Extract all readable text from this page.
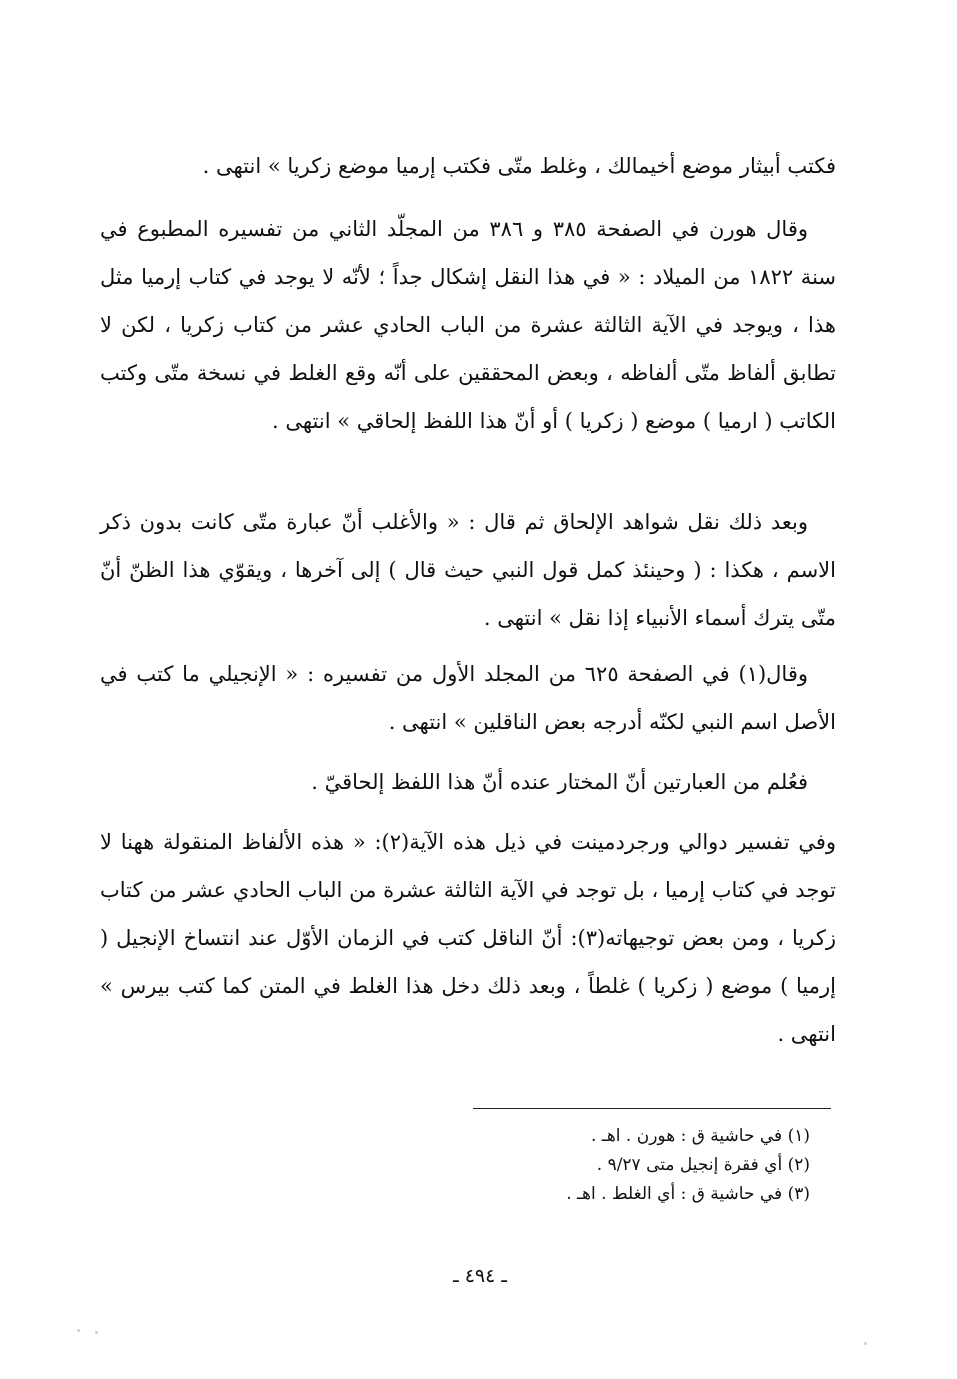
فكتب أبيثار موضع أخيمالك ، وغلط متّى فكتب إرميا موضع زكريا » انتهى .

وقال هورن في الصفحة ٣٨٥ و ٣٨٦ من المجلّد الثاني من تفسيره المطبوع في سنة ١٨٢٢ من الميلاد : « في هذا النقل إشكال جداً ؛ لأنّه لا يوجد في كتاب إرميا مثل هذا ، ويوجد في الآية الثالثة عشرة من الباب الحادي عشر من كتاب زكريا ، لكن لا تطابق ألفاظ متّى ألفاظه ، وبعض المحققين على أنّه وقع الغلط في نسخة متّى وكتب الكاتب ( ارميا ) موضع ( زكريا ) أو أنّ هذا اللفظ إلحاقي » انتهى .

وبعد ذلك نقل شواهد الإلحاق ثم قال : « والأغلب أنّ عبارة متّى كانت بدون ذكر الاسم ، هكذا : ( وحينئذ كمل قول النبي حيث قال ) إلى آخرها ، ويقوّي هذا الظنّ أنّ متّى يترك أسماء الأنبياء إذا نقل » انتهى .

وقال(١) في الصفحة ٦٢٥ من المجلد الأول من تفسيره : « الإنجيلي ما كتب في الأصل اسم النبي لكنّه أدرجه بعض الناقلين » انتهى .

فعُلم من العبارتين أنّ المختار عنده أنّ هذا اللفظ إلحاقيّ .

وفي تفسير دوالي ورجردمينت في ذيل هذه الآية(٢): « هذه الألفاظ المنقولة ههنا لا توجد في كتاب إرميا ، بل توجد في الآية الثالثة عشرة من الباب الحادي عشر من كتاب زكريا ، ومن بعض توجيهاته(٣): أنّ الناقل كتب في الزمان الأوّل عند انتساخ الإنجيل ( إرميا ) موضع ( زكريا ) غلطاً ، وبعد ذلك دخل هذا الغلط في المتن كما كتب بيرس » انتهى .

(١) في حاشية ق : هورن . اهـ .

(٢) أي فقرة إنجيل متى ٩/٢٧ .

(٣) في حاشية ق : أي الغلط . اهـ .

ـ ٤٩٤ ـ
